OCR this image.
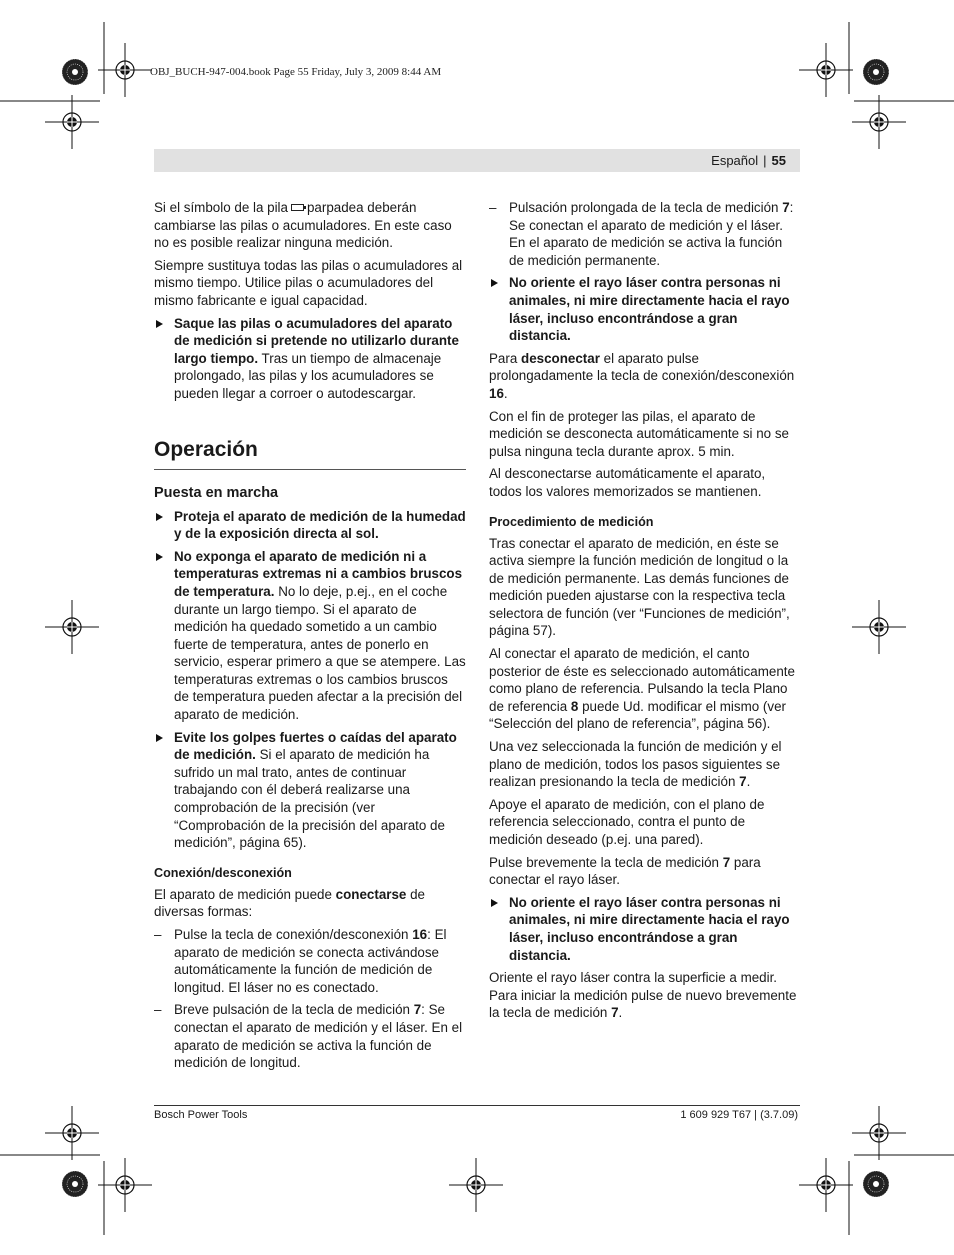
OBJ_BUCH-947-004.book Page 55 Friday, July 3, 2009 8:44 AM
Español | 55

Si el símbolo de la pila parpadea deberán cambiarse las pilas o acumuladores. En este caso no es posible realizar ninguna medición.

Siempre sustituya todas las pilas o acumuladores al mismo tiempo. Utilice pilas o acumuladores del mismo fabricante e igual capacidad.

Saque las pilas o acumuladores del aparato de medición si pretende no utilizarlo durante largo tiempo. Tras un tiempo de almacenaje prolongado, las pilas y los acumuladores se pueden llegar a corroer o autodescargar.
Operación
Puesta en marcha
Proteja el aparato de medición de la humedad y de la exposición directa al sol.
No exponga el aparato de medición ni a temperaturas extremas ni a cambios bruscos de temperatura. No lo deje, p.ej., en el coche durante un largo tiempo. Si el aparato de medición ha quedado sometido a un cambio fuerte de temperatura, antes de ponerlo en servicio, esperar primero a que se atempere. Las temperaturas extremas o los cambios bruscos de temperatura pueden afectar a la precisión del aparato de medición.
Evite los golpes fuertes o caídas del aparato de medición. Si el aparato de medición ha sufrido un mal trato, antes de continuar trabajando con él deberá realizarse una comprobación de la precisión (ver “Comprobación de la precisión del aparato de medición”, página 65).
Conexión/desconexión

El aparato de medición puede conectarse de diversas formas:

– Pulse la tecla de conexión/desconexión 16: El aparato de medición se conecta activándose automáticamente la función de medición de longitud. El láser no es conectado.
– Breve pulsación de la tecla de medición 7: Se conectan el aparato de medición y el láser. En el aparato de medición se activa la función de medición de longitud.
– Pulsación prolongada de la tecla de medición 7: Se conectan el aparato de medición y el láser. En el aparato de medición se activa la función de medición permanente.
No oriente el rayo láser contra personas ni animales, ni mire directamente hacia el rayo láser, incluso encontrándose a gran distancia.

Para desconectar el aparato pulse prolongadamente la tecla de conexión/desconexión 16.

Con el fin de proteger las pilas, el aparato de medición se desconecta automáticamente si no se pulsa ninguna tecla durante aprox. 5 min.

Al desconectarse automáticamente el aparato, todos los valores memorizados se mantienen.

Procedimiento de medición

Tras conectar el aparato de medición, en éste se activa siempre la función medición de longitud o la de medición permanente. Las demás funciones de medición pueden ajustarse con la respectiva tecla selectora de función (ver “Funciones de medición”, página 57).

Al conectar el aparato de medición, el canto posterior de éste es seleccionado automáticamente como plano de referencia. Pulsando la tecla Plano de referencia 8 puede Ud. modificar el mismo (ver “Selección del plano de referencia”, página 56).

Una vez seleccionada la función de medición y el plano de medición, todos los pasos siguientes se realizan presionando la tecla de medición 7.

Apoye el aparato de medición, con el plano de referencia seleccionado, contra el punto de medición deseado (p.ej. una pared).

Pulse brevemente la tecla de medición 7 para conectar el rayo láser.

No oriente el rayo láser contra personas ni animales, ni mire directamente hacia el rayo láser, incluso encontrándose a gran distancia.

Oriente el rayo láser contra la superficie a medir. Para iniciar la medición pulse de nuevo brevemente la tecla de medición 7.

Bosch Power Tools	1 609 929 T67 | (3.7.09)
